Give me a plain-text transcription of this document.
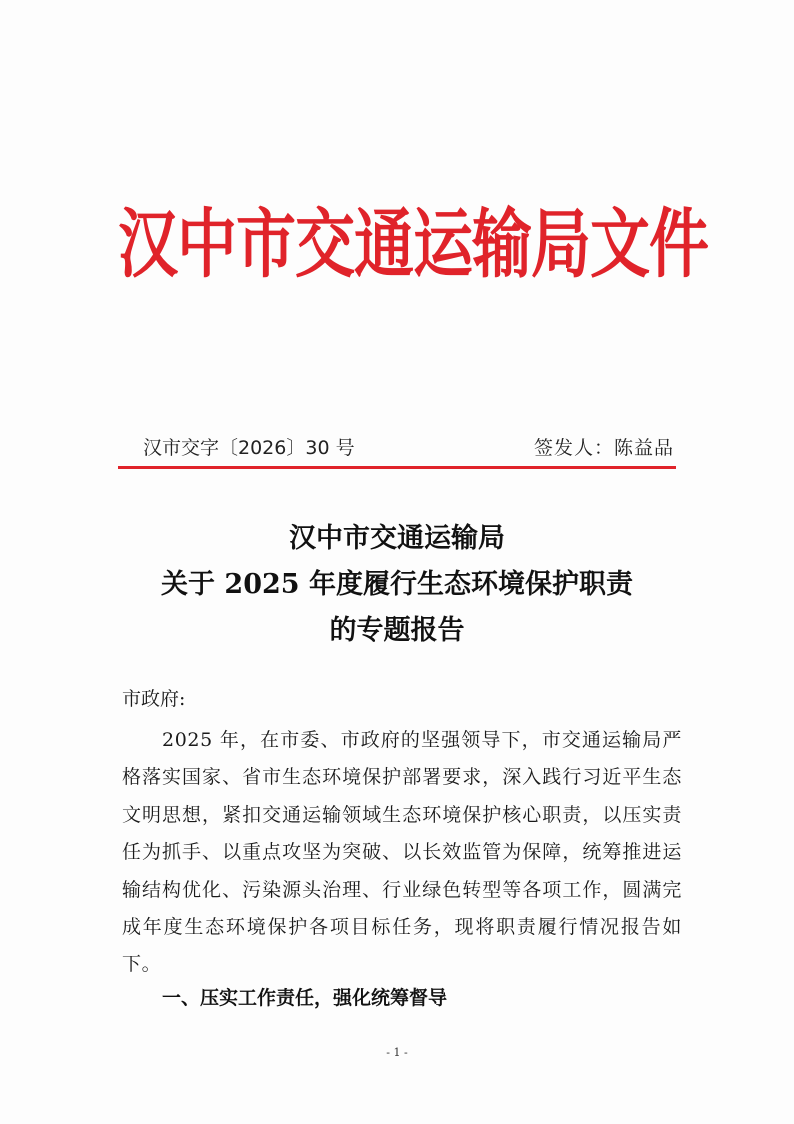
汉中市交通运输局文件
汉市交字〔2026〕30 号	签发人：陈益品
汉中市交通运输局
关于 2025 年度履行生态环境保护职责
的专题报告
市政府:
2025 年，在市委、市政府的坚强领导下，市交通运输局严格落实国家、省市生态环境保护部署要求，深入践行习近平生态文明思想，紧扣交通运输领域生态环境保护核心职责，以压实责任为抓手、以重点攻坚为突破、以长效监管为保障，统筹推进运输结构优化、污染源头治理、行业绿色转型等各项工作，圆满完成年度生态环境保护各项目标任务，现将职责履行情况报告如下。
一、压实工作责任，强化统筹督导
- 1 -
